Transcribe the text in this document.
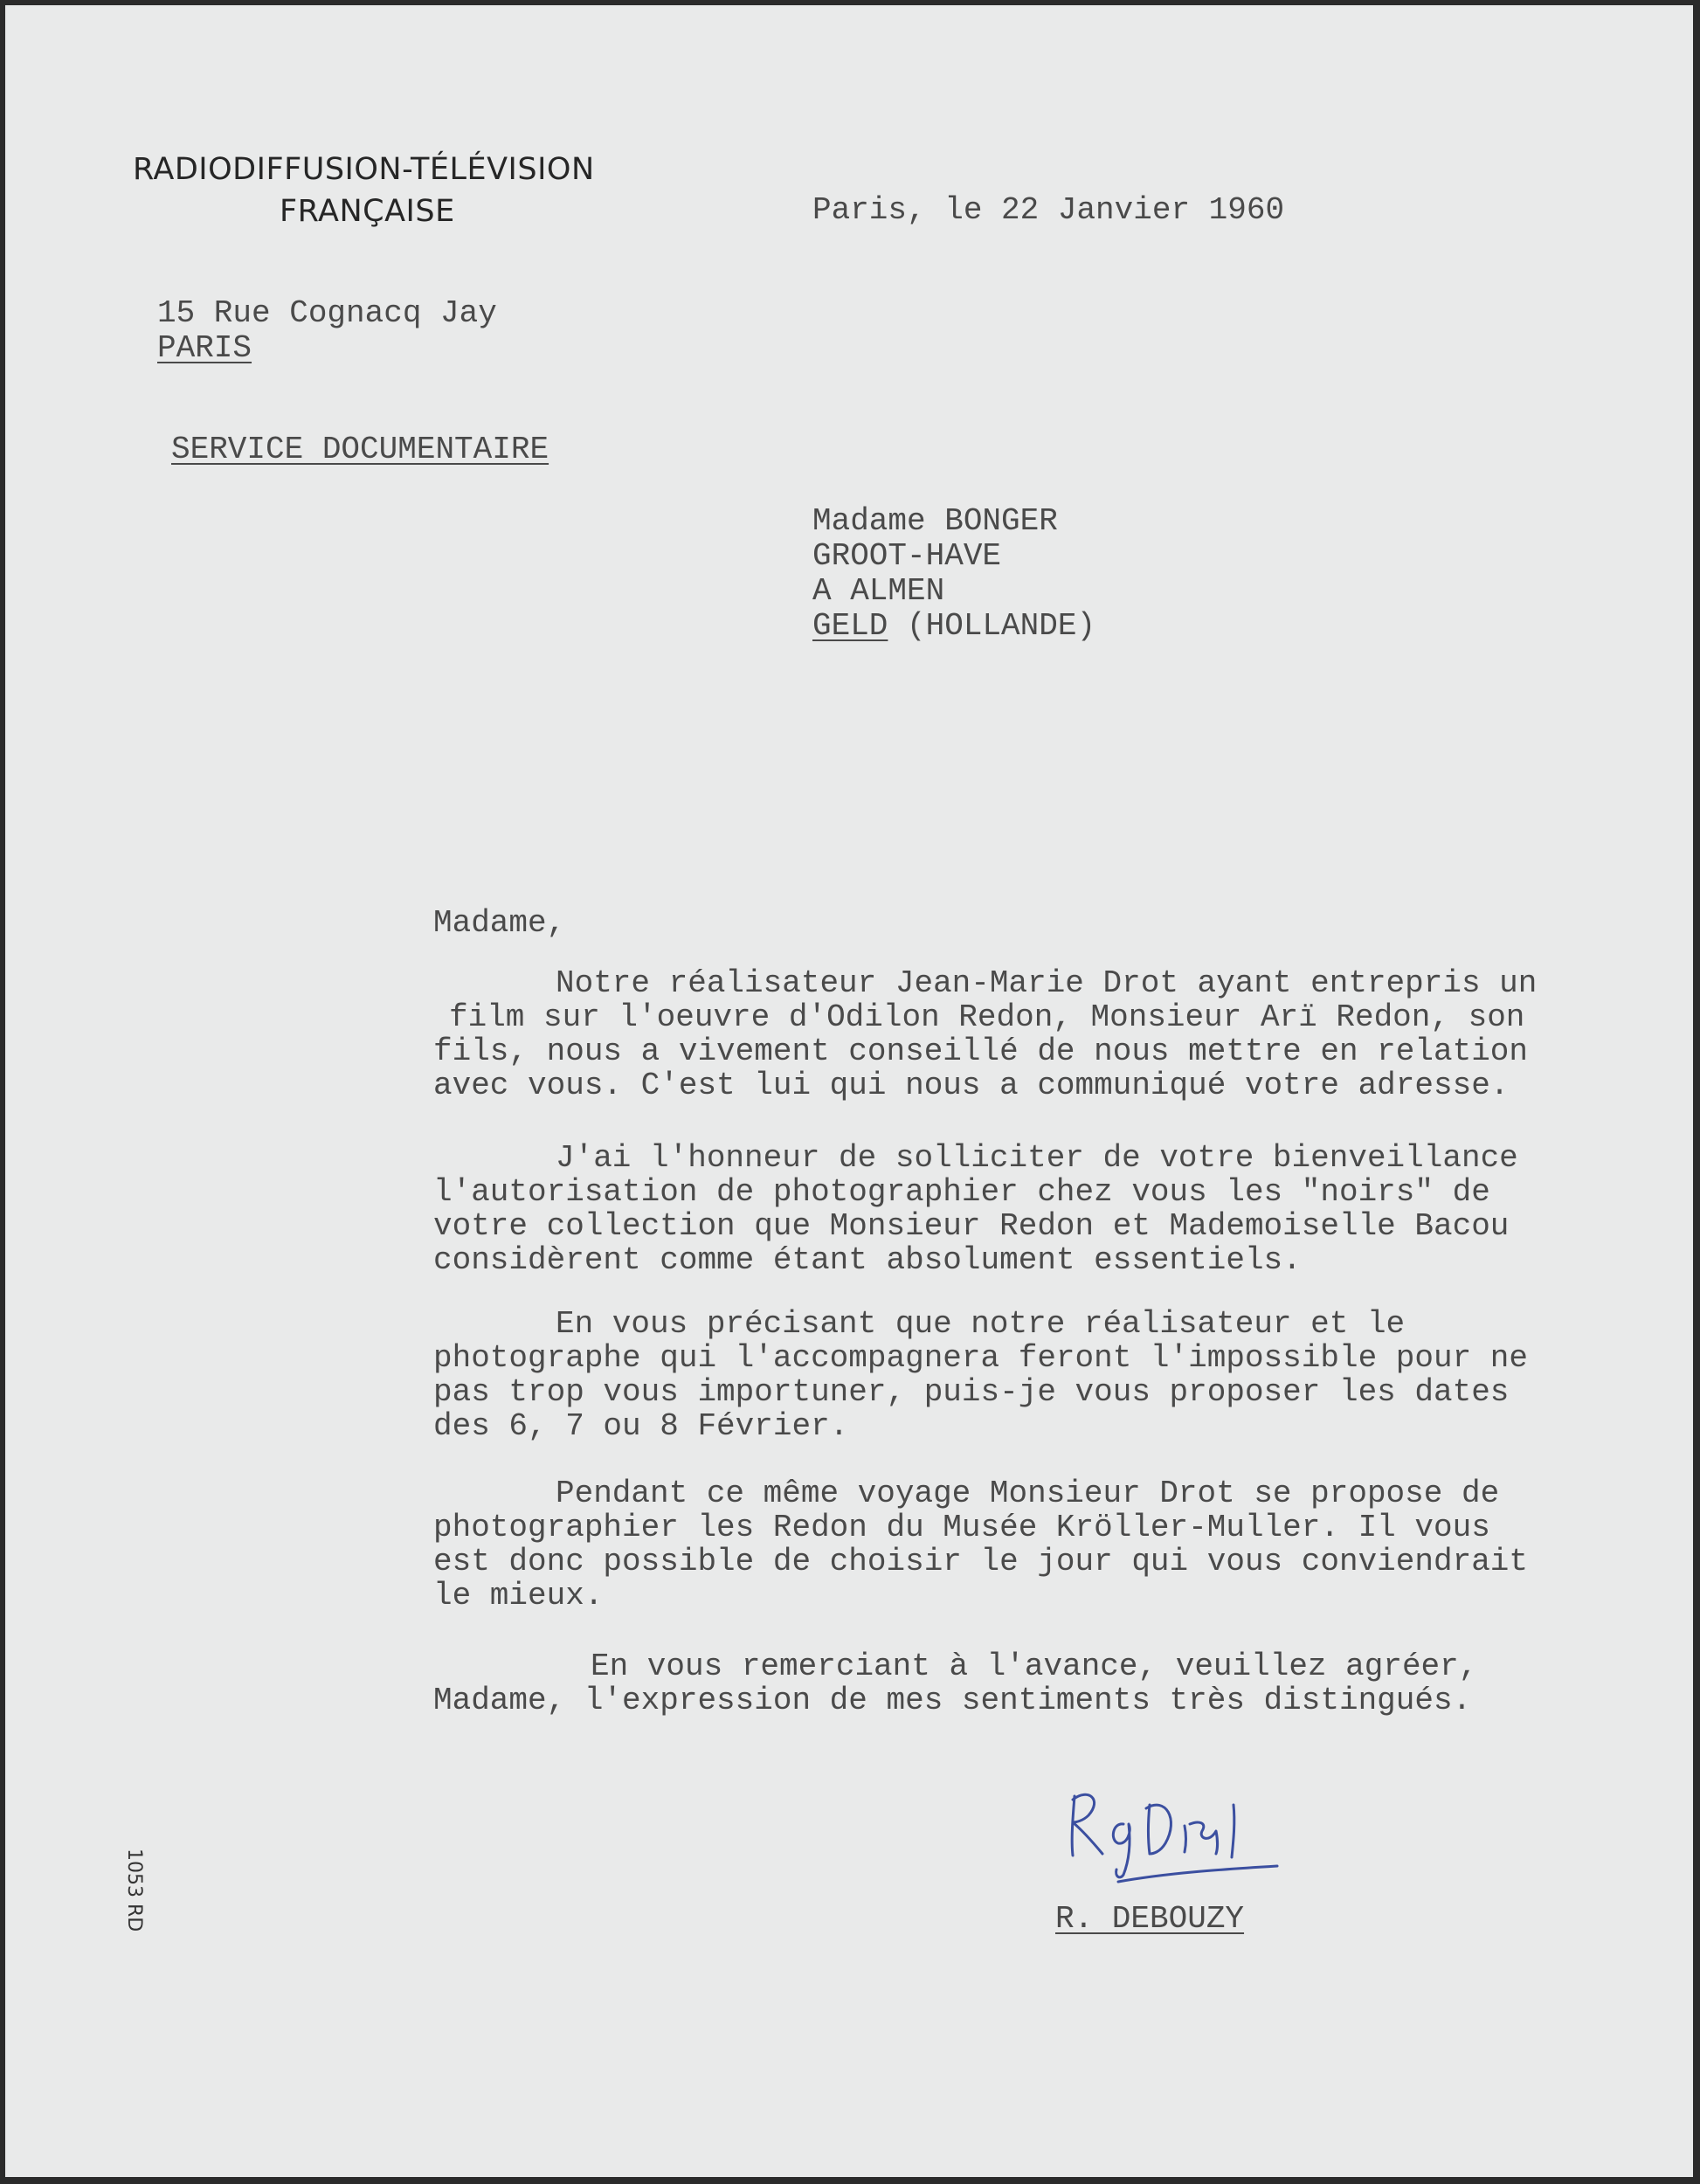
RADIODIFFUSION-TÉLÉVISION
FRANÇAISE	Paris, le 22 Janvier 1960
15 Rue Cognacq Jay
PARIS
SERVICE DOCUMENTAIRE
Madame BONGER
GROOT-HAVE
A ALMEN
GELD (HOLLANDE)
Madame,
Notre réalisateur Jean-Marie Drot ayant entrepris un
film sur l'oeuvre d'Odilon Redon, Monsieur Arï Redon, son
fils, nous a vivement conseillé de nous mettre en relation
avec vous. C'est lui qui nous a communiqué votre adresse.
J'ai l'honneur de solliciter de votre bienveillance
l'autorisation de photographier chez vous les "noirs" de
votre collection que Monsieur Redon et Mademoiselle Bacou
considèrent comme étant absolument essentiels.
En vous précisant que notre réalisateur et le
photographe qui l'accompagnera feront l'impossible pour ne
pas trop vous importuner, puis-je vous proposer les dates
des 6, 7 ou 8 Février.
Pendant ce même voyage Monsieur Drot se propose de
photographier les Redon du Musée Kröller-Muller. Il vous
est donc possible de choisir le jour qui vous conviendrait
le mieux.
En vous remerciant à l'avance, veuillez agréer,
Madame, l'expression de mes sentiments très distingués.
R. DEBOUZY
1053 RD
